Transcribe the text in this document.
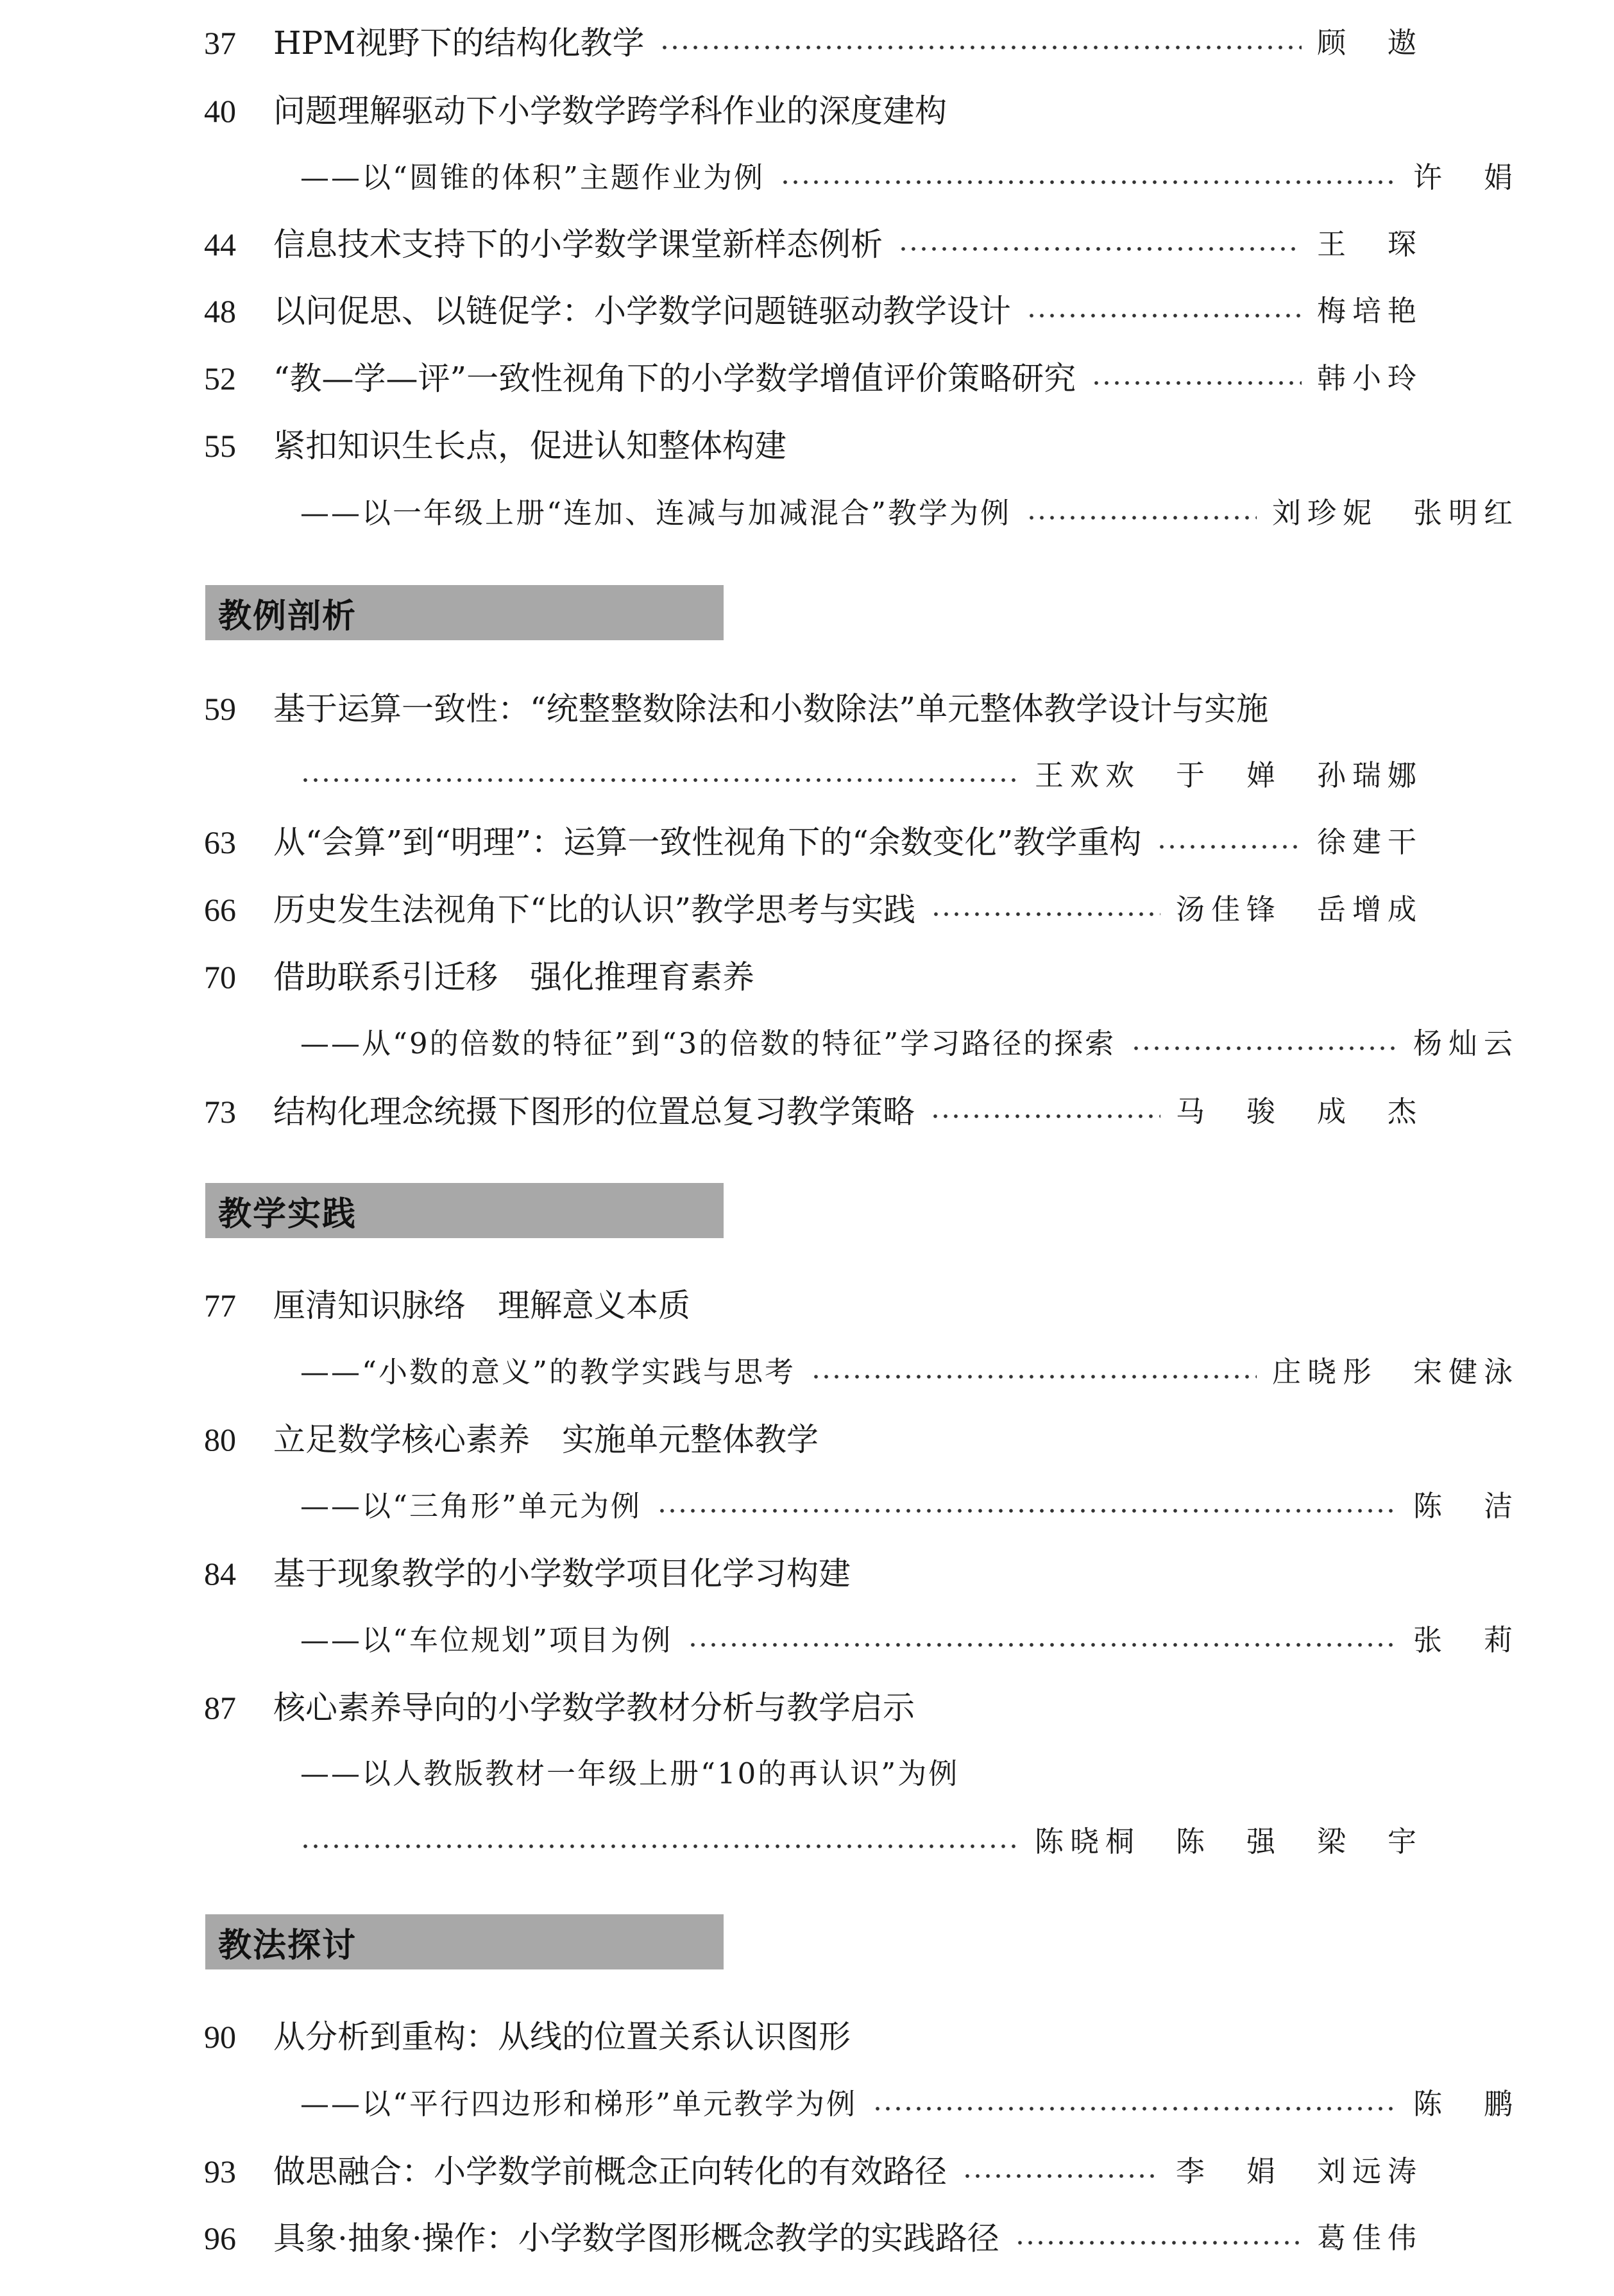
37	HPM视野下的结构化教学	顾　遨
40	问题理解驱动下小学数学跨学科作业的深度建构
——以“圆锥的体积”主题作业为例	许　娟
44	信息技术支持下的小学数学课堂新样态例析	王　琛
48	以问促思、以链促学：小学数学问题链驱动教学设计	梅培艳
52	“教—学—评”一致性视角下的小学数学增值评价策略研究	韩小玲
55	紧扣知识生长点，促进认知整体构建
——以一年级上册“连加、连减与加减混合”教学为例	刘珍妮　张明红
教例剖析
59	基于运算一致性：“统整整数除法和小数除法”单元整体教学设计与实施
王欢欢　于　婵　孙瑞娜
63	从“会算”到“明理”：运算一致性视角下的“余数变化”教学重构	徐建干
66	历史发生法视角下“比的认识”教学思考与实践	汤佳锋　岳增成
70	借助联系引迁移　强化推理育素养
——从“9的倍数的特征”到“3的倍数的特征”学习路径的探索	杨灿云
73	结构化理念统摄下图形的位置总复习教学策略	马　骏　成　杰
教学实践
77	厘清知识脉络　理解意义本质
——“小数的意义”的教学实践与思考	庄晓彤　宋健泳
80	立足数学核心素养　实施单元整体教学
——以“三角形”单元为例	陈　洁
84	基于现象教学的小学数学项目化学习构建
——以“车位规划”项目为例	张　莉
87	核心素养导向的小学数学教材分析与教学启示
——以人教版教材一年级上册“10的再认识”为例
陈晓桐　陈　强　梁　宇
教法探讨
90	从分析到重构：从线的位置关系认识图形
——以“平行四边形和梯形”单元教学为例	陈　鹏
93	做思融合：小学数学前概念正向转化的有效路径	李　娟　刘远涛
96	具象·抽象·操作：小学数学图形概念教学的实践路径	葛佳伟
